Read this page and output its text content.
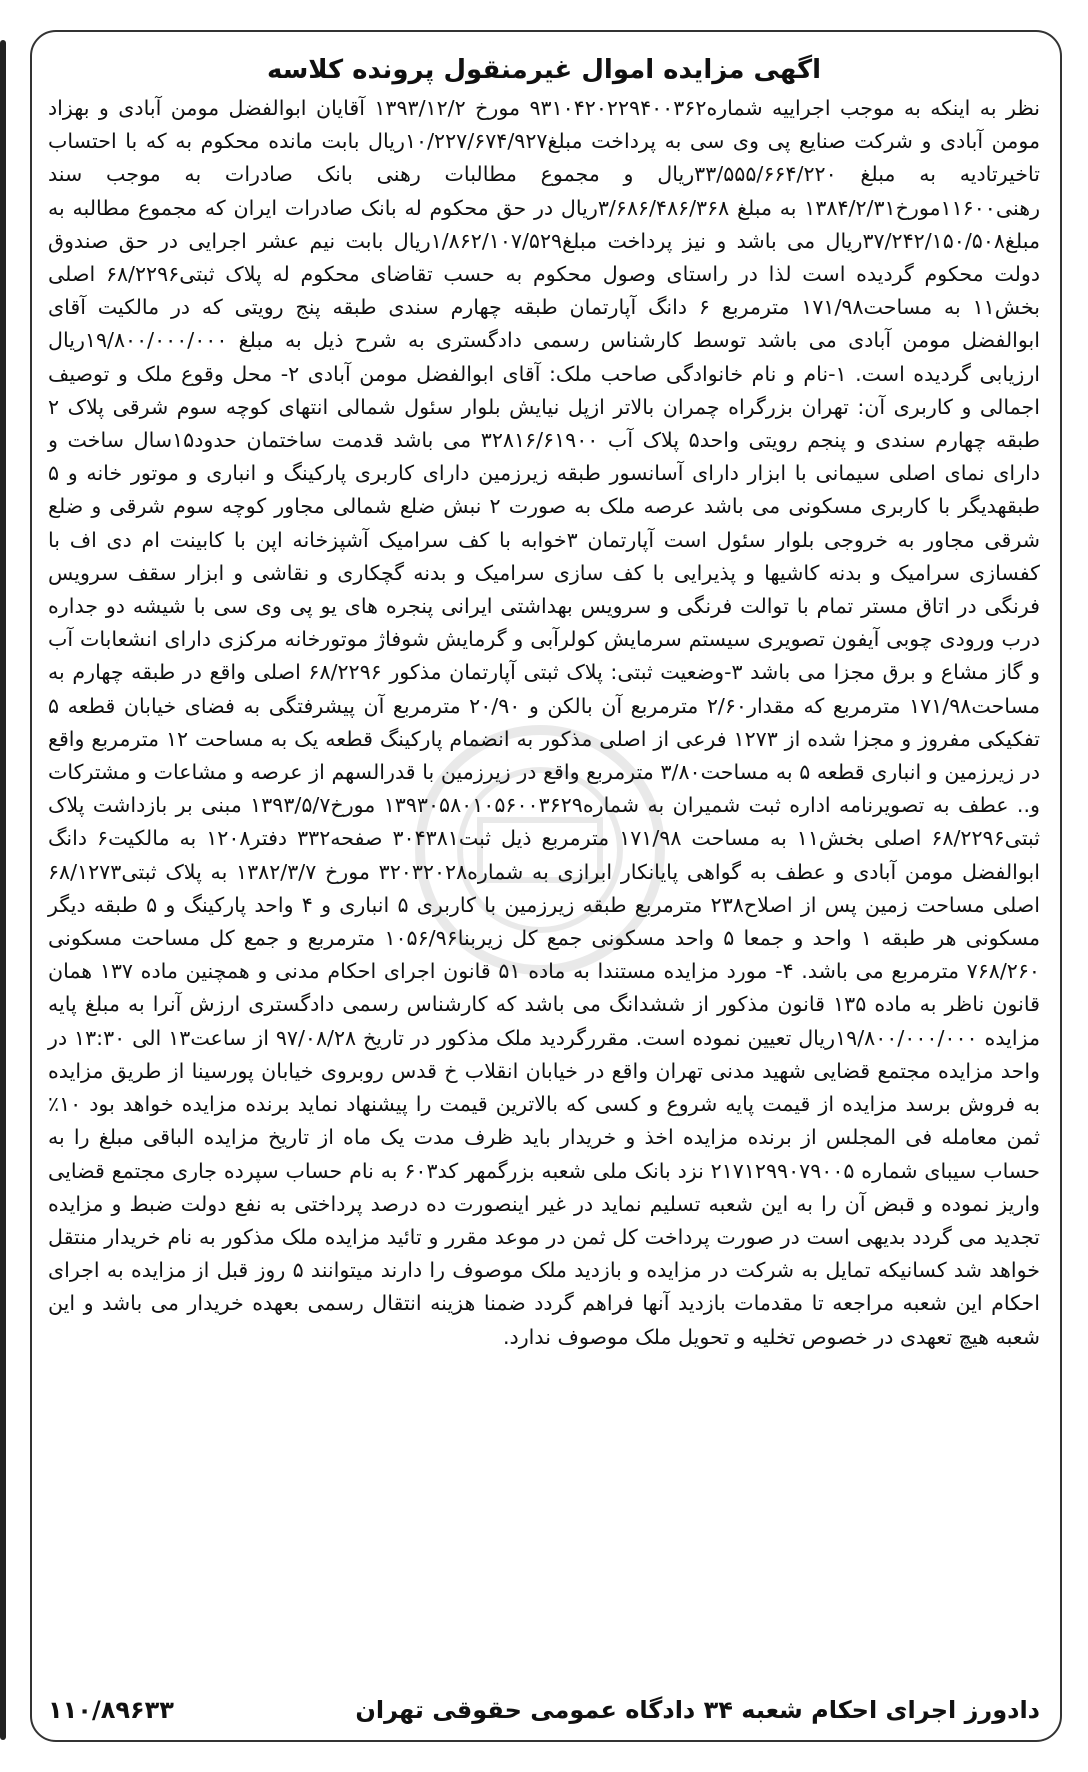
اگهی مزایده اموال غیرمنقول پرونده کلاسه

نظر به اینکه به موجب اجراییه شماره۹۳۱۰۴۲۰۲۲۹۴۰۰۳۶۲ مورخ ۱۳۹۳/۱۲/۲ آقایان ابوالفضل مومن آبادی و بهزاد مومن آبادی و شرکت صنایع پی وی سی به پرداخت مبلغ۱۰/۲۲۷/۶۷۴/۹۲۷ریال بابت مانده محکوم به که با احتساب تاخیرتادیه به مبلغ ۳۳/۵۵۵/۶۶۴/۲۲۰ریال و مجموع مطالبات رهنی بانک صادرات به موجب سند رهنی۱۱۶۰۰مورخ۱۳۸۴/۲/۳۱ به مبلغ ۳/۶۸۶/۴۸۶/۳۶۸ریال در حق محکوم له بانک صادرات ایران که مجموع مطالبه به مبلغ۳۷/۲۴۲/۱۵۰/۵۰۸ریال می باشد و نیز پرداخت مبلغ۱/۸۶۲/۱۰۷/۵۲۹ریال بابت نیم عشر اجرایی در حق صندوق دولت محکوم گردیده است لذا در راستای وصول محکوم به حسب تقاضای محکوم له پلاک ثبتی۶۸/۲۲۹۶ اصلی بخش۱۱ به مساحت۱۷۱/۹۸ مترمربع ۶ دانگ آپارتمان طبقه چهارم سندی طبقه پنج رویتی که در مالکیت آقای ابوالفضل مومن آبادی می باشد توسط کارشناس رسمی دادگستری به شرح ذیل به مبلغ ۱۹/۸۰۰/۰۰۰/۰۰۰ریال ارزیابی گردیده است. ۱-نام و نام خانوادگی صاحب ملک: آقای ابوالفضل مومن آبادی ۲- محل وقوع ملک و توصیف اجمالی و کاربری آن: تهران بزرگراه چمران بالاتر ازپل نیایش بلوار سئول شمالی انتهای کوچه سوم شرقی پلاک ۲ طبقه چهارم سندی و پنجم رویتی واحد۵ پلاک آب ۳۲۸۱۶/۶۱۹۰۰ می باشد قدمت ساختمان حدود۱۵سال ساخت و دارای نمای اصلی سیمانی با ابزار دارای آسانسور طبقه زیرزمین دارای کاربری پارکینگ و انباری و موتور خانه و ۵ طبقهدیگر با کاربری مسکونی می باشد عرصه ملک به صورت ۲ نبش ضلع شمالی مجاور کوچه سوم شرقی و ضلع شرقی مجاور به خروجی بلوار سئول است آپارتمان ۳خوابه با کف سرامیک آشپزخانه اپن با کابینت ام دی اف با کفسازی سرامیک و بدنه کاشیها و پذیرایی با کف سازی سرامیک و بدنه گچکاری و نقاشی و ابزار سقف سرویس فرنگی در اتاق مستر تمام با توالت فرنگی و سرویس بهداشتی ایرانی پنجره های یو پی وی سی با شیشه دو جداره درب ورودی چوبی آیفون تصویری سیستم سرمایش کولرآبی و گرمایش شوفاژ موتورخانه مرکزی دارای انشعابات آب و گاز مشاع و برق مجزا می باشد ۳-وضعیت ثبتی: پلاک ثبتی آپارتمان مذکور ۶۸/۲۲۹۶ اصلی واقع در طبقه چهارم به مساحت۱۷۱/۹۸ مترمربع که مقدار۲/۶۰ مترمربع آن بالکن و ۲۰/۹۰ مترمربع آن پیشرفتگی به فضای خیابان قطعه ۵ تفکیکی مفروز و مجزا شده از ۱۲۷۳ فرعی از اصلی مذکور به انضمام پارکینگ قطعه یک به مساحت ۱۲ مترمربع واقع در زیرزمین و انباری قطعه ۵ به مساحت۳/۸۰ مترمربع واقع در زیرزمین با قدرالسهم از عرصه و مشاعات و مشترکات و.. عطف به تصویرنامه اداره ثبت شمیران به شماره۱۳۹۳۰۵۸۰۱۰۵۶۰۰۳۶۲۹ مورخ۱۳۹۳/۵/۷ مبنی بر بازداشت پلاک ثبتی۶۸/۲۲۹۶ اصلی بخش۱۱ به مساحت ۱۷۱/۹۸ مترمربع ذیل ثبت۳۰۴۳۸۱ صفحه۳۳۲ دفتر۱۲۰۸ به مالکیت۶ دانگ ابوالفضل مومن آبادی و عطف به گواهی پایانکار ابرازی به شماره۳۲۰۳۲۰۲۸ مورخ ۱۳۸۲/۳/۷ به پلاک ثبتی۶۸/۱۲۷۳ اصلی مساحت زمین پس از اصلاح۲۳۸ مترمربع طبقه زیرزمین با کاربری ۵ انباری و ۴ واحد پارکینگ و ۵ طبقه دیگر مسکونی هر طبقه ۱ واحد و جمعا ۵ واحد مسکونی جمع کل زیربنا۱۰۵۶/۹۶ مترمربع و جمع کل مساحت مسکونی ۷۶۸/۲۶۰ مترمربع می باشد. ۴- مورد مزایده مستندا به ماده ۵۱ قانون اجرای احکام مدنی و همچنین ماده ۱۳۷ همان قانون ناظر به ماده ۱۳۵ قانون مذکور از ششدانگ می باشد که کارشناس رسمی دادگستری ارزش آنرا به مبلغ پایه مزایده ۱۹/۸۰۰/۰۰۰/۰۰۰ریال تعیین نموده است. مقررگردید ملک مذکور در تاریخ ۹۷/۰۸/۲۸ از ساعت۱۳ الی ۱۳:۳۰ در واحد مزایده مجتمع قضایی شهید مدنی تهران واقع در خیابان انقلاب خ قدس روبروی خیابان پورسینا از طریق مزایده به فروش برسد مزایده از قیمت پایه شروع و کسی که بالاترین قیمت را پیشنهاد نماید برنده مزایده خواهد بود ۱۰٪ ثمن معامله فی المجلس از برنده مزایده اخذ و خریدار باید ظرف مدت یک ماه از تاریخ مزایده الباقی مبلغ را به حساب سیبای شماره ۲۱۷۱۲۹۹۰۷۹۰۰۵ نزد بانک ملی شعبه بزرگمهر کد۶۰۳ به نام حساب سپرده جاری مجتمع قضایی واریز نموده و قبض آن را به این شعبه تسلیم نماید در غیر اینصورت ده درصد پرداختی به نفع دولت ضبط و مزایده تجدید می گردد بدیهی است در صورت پرداخت کل ثمن در موعد مقرر و تائید مزایده ملک مذکور به نام خریدار منتقل خواهد شد کسانیکه تمایل به شرکت در مزایده و بازدید ملک موصوف را دارند میتوانند ۵ روز قبل از مزایده به اجرای احکام این شعبه مراجعه تا مقدمات بازدید آنها فراهم گردد ضمنا هزینه انتقال رسمی بعهده خریدار می باشد و این شعبه هیچ تعهدی در خصوص تخلیه و تحویل ملک موصوف ندارد.

دادورز اجرای احکام شعبه ۳۴ دادگاه عمومی حقوقی تهران
۱۱۰/۸۹۶۳۳
